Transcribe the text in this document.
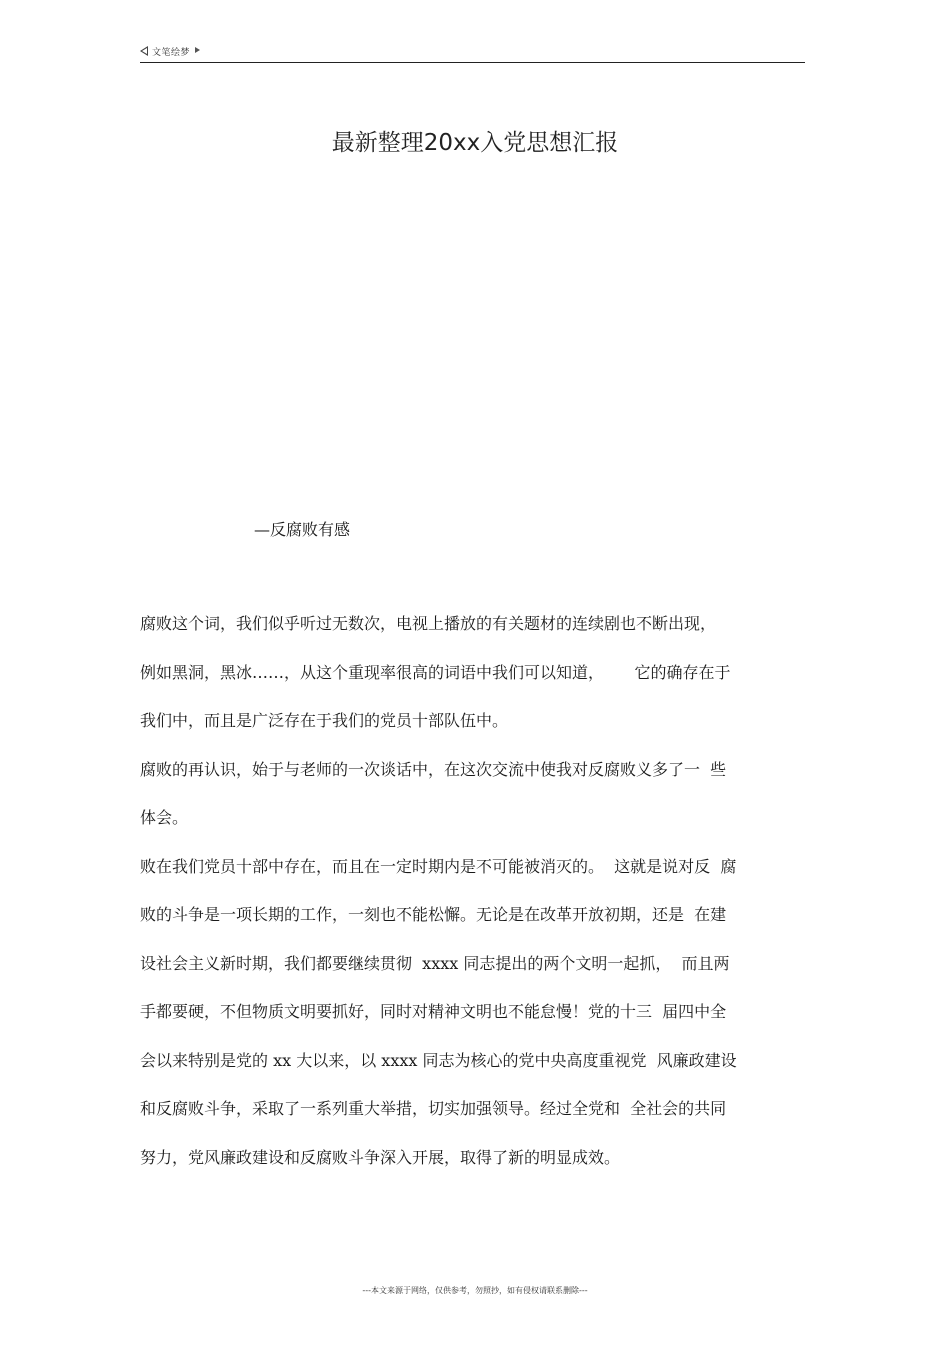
文笔绘梦
最新整理20xx入党思想汇报
—反腐败有感
腐败这个词，我们似乎听过无数次，电视上播放的有关题材的连续剧也不断出现，
例如黑洞，黑冰……，从这个重现率很高的词语中我们可以知道，      它的确存在于
我们中，而且是广泛存在于我们的党员十部队伍中。
腐败的再认识，始于与老师的一次谈话中，在这次交流中使我对反腐败义多了一  些
体会。
败在我们党员十部中存在，而且在一定时期内是不可能被消灭的。  这就是说对反  腐
败的斗争是一项长期的工作，一刻也不能松懈。无论是在改革开放初期，还是  在建
设社会主义新时期，我们都要继续贯彻  xxxx 同志提出的两个文明一起抓，  而且两
手都要硬，不但物质文明要抓好，同时对精神文明也不能怠慢！党的十三  届四中全
会以来特别是党的 xx 大以来，以 xxxx 同志为核心的党中央高度重视党  风廉政建设
和反腐败斗争，采取了一系列重大举措，切实加强领导。经过全党和  全社会的共同
努力，党风廉政建设和反腐败斗争深入开展，取得了新的明显成效。
---本文来源于网络，仅供参考，勿照抄，如有侵权请联系删除---
